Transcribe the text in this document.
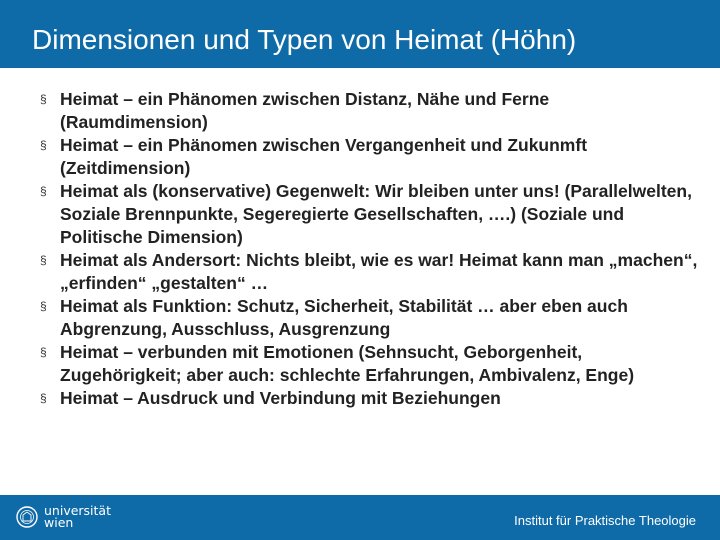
Dimensionen und Typen von Heimat (Höhn)
§ Heimat – ein Phänomen zwischen Distanz, Nähe und Ferne (Raumdimension)
§ Heimat – ein Phänomen zwischen Vergangenheit und Zukunmft (Zeitdimension)
§ Heimat als (konservative) Gegenwelt: Wir bleiben unter uns! (Parallelwelten, Soziale Brennpunkte, Segeregierte Gesellschaften, ….) (Soziale und Politische Dimension)
§ Heimat als Andersort: Nichts bleibt, wie es war! Heimat kann man „machen“, „erfinden“ „gestalten“ …
§ Heimat als Funktion: Schutz, Sicherheit, Stabilität … aber eben auch Abgrenzung, Ausschluss, Ausgrenzung
§ Heimat – verbunden mit Emotionen (Sehnsucht, Geborgenheit, Zugehörigkeit; aber auch: schlechte Erfahrungen, Ambivalenz, Enge)
§ Heimat – Ausdruck und Verbindung mit Beziehungen
universität
wien	Institut für Praktische Theologie
